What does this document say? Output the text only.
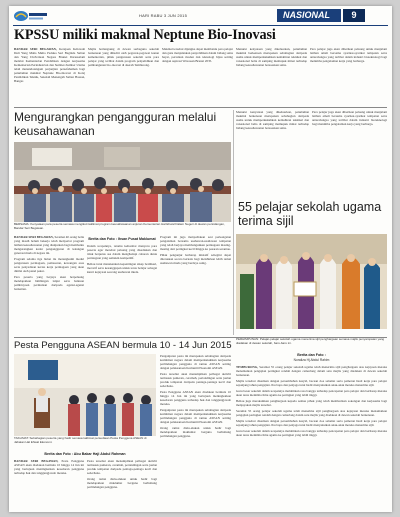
HARI RABU 3 JUN 2015	NASIONAL	9
KPSSU miliki makmal Neptune Bio-Inovasi

BANDAR SERI BEGAWAN, Kerajaan Kebawah Duli Yang Maha Mulia Paduka Seri Baginda Sultan dan Yang Di-Pertuan Negara Brunei Darussalam melalui Kementerian Pendidikan dengan kerjasama Kementerian Perindustrian dan Sumber-Sumber Utama telah menandatangani perjanjian persefahaman bagi penubuhan makmal Neptune Bio-Inovasi di Kolej Pendidikan Teknik, Sekolah Menengah Sultan Hassan, Bangar.

Majlis berlangsung di dewan serbaguna sekolah berkenaan yang dihadiri oleh pegawai-pegawai kanan kementerian, pihak pengurusan sekolah serta para pelajar yang terlibat dalam program penyelidikan dan pembangunan bio-inovasi di daerah Temburong.

Makmal tersebut dijangka dapat membantu para pelajar dan guru menjalankan penyelidikan dalam bidang sains hayat, pertanian moden dan teknologi hijau seiring dengan aspirasi Wawasan Brunei 2035.

Menurut kenyataan yang dikeluarkan, penubuhan makmal berkenaan merupakan sebahagian daripada usaha untuk memperkukuhkan kemahiran teknikal dan vokasional belia di samping memupuk minat terhadap bidang keusahawanan berasaskan sains.

Para pelajar juga akan diberikan peluang untuk menjalani latihan amali bersama syarikat-syarikat tempatan serta antarabangsa yang terlibat dalam industri bioteknologi bagi menimba pengalaman kerja yang berharga.

Mengurangkan pengangguran melalui keusahawanan
BERSAMA: Kenyataan para peserta semasa mengikuti taklimat program keusahawanan anjuran Kementerian Hal Ehwal Dalam Negeri di dewan persidangan, Bandar Seri Begawan.

BANDAR SERI BEGAWAN, Seramai 40 orang belia yang masih belum bekerja telah menyertai program latihan keusahawanan yang dianjurkan bagi membantu mengurangkan kadar pengangguran di kalangan generasi muda di negara ini.

Program selama tiga bulan itu merangkumi modul pengurusan perniagaan, pemasaran, kewangan asas serta penyediaan kertas kerja perniagaan yang akan dinilai oleh panel pakar.

Para peserta yang berjaya akan berpeluang mendapatkan bimbingan lanjut serta bantuan pembiayaan permulaan daripada agensi-agensi berkaitan.

Berita dan Foto : Ihsan Pusat Maklumat

Dalam ucapannya, tetamu kehormat menyeru para peserta agar merebut peluang yang disediakan dan tidak berputus asa dalam menghadapi cabaran dunia perniagaan yang semakin kompetitif.

Beliau turut menekankan kepentingan sikap berdikari, inovatif serta kesanggupan untuk terus belajar sebagai kunci kejayaan seorang usahawan muda.

Program ini juga menyediakan sesi perkongsian pengalaman bersama usahawan-usahawan tempatan yang telah berjaya membangunkan perniagaan masing-masing dari peringkat kecil hingga ke pasaran serantau.

Pihak penganjur berharap inisiatif sebegini dapat diteruskan secara berkala bagi melahirkan lebih ramai usahawan muda yang berdaya saing.

Menurut kenyataan yang dikeluarkan, penubuhan makmal berkenaan merupakan sebahagian daripada usaha untuk memperkukuhkan kemahiran teknikal dan vokasional belia di samping memupuk minat terhadap bidang keusahawanan berasaskan sains.

Para pelajar juga akan diberikan peluang untuk menjalani latihan amali bersama syarikat-syarikat tempatan serta antarabangsa yang terlibat dalam industri bioteknologi bagi menimba pengalaman kerja yang berharga.

55 pelajar sekolah ugama terima sijil
PERHIMPUNAN: Pelajar-pelajar sekolah ugama menerima sijil penghargaan semasa majlis penyampaian yang diadakan di dewan sekolah, baru-baru ini.
Berita dan Foto :
Noraliza Hj Abdul Rahim

TEMBURONG, Seramai 55 orang pelajar sekolah ugama telah menerima sijil penghargaan atas kejayaan mereka menamatkan pengajian peringkat rendah dengan cemerlang dalam satu majlis yang diadakan di dewan sekolah berkenaan.

Majlis tersebut diserikan dengan persembahan nasyid, bacaan doa selamat serta pameran hasil kerja para pelajar sepanjang tahun pengajian. Ibu bapa dan penjaga turut hadir menyaksikan anak-anak mereka menerima sijil.

Guru besar sekolah dalam ucapannya melahirkan rasa bangga terhadap pencapaian para pelajar dan berharap mereka akan terus menimba ilmu agama ke peringkat yang lebih tinggi.

Beliau juga merakamkan penghargaan kepada semua pihak yang telah memberikan sokongan dan kerjasama bagi menjayakan majlis tersebut.

Seramai 55 orang pelajar sekolah ugama telah menerima sijil penghargaan atas kejayaan mereka menamatkan pengajian peringkat rendah dengan cemerlang dalam satu majlis yang diadakan di dewan sekolah berkenaan.

Majlis tersebut diserikan dengan persembahan nasyid, bacaan doa selamat serta pameran hasil kerja para pelajar sepanjang tahun pengajian. Ibu bapa dan penjaga turut hadir menyaksikan anak-anak mereka menerima sijil.

Guru besar sekolah dalam ucapannya melahirkan rasa bangga terhadap pencapaian para pelajar dan berharap mereka akan terus menimba ilmu agama ke peringkat yang lebih tinggi.

Pesta Pengguna ASEAN bermula 10 - 14 Jun 2015
TAKLIMAT: Sebahagian peserta yang hadir semasa taklimat persediaan Pesta Pengguna ASEAN di Jabatan Hal Ehwal Ekonomi.
Berita dan Foto : Abu Bakar Haji Abdul Rahman

BANDAR SERI BEGAWAN, Pesta Pengguna ASEAN akan diadakan bermula 10 hingga 14 Jun ini yang bertujuan meningkatkan kesedaran pengguna terhadap hak dan tanggungjawab mereka.

Pesta tersebut akan menampilkan pelbagai aktiviti termasuk pameran, ceramah, pertandingan serta jualan produk tempatan daripada peniaga-peniaga kecil dan sederhana.

Orang ramai dialu-alukan untuk hadir bagi mendapatkan maklumat berguna berhubung perlindungan pengguna.

Penganjuran pesta ini merupakan sebahagian daripada komitmen negara dalam memperkukuhkan kerjasama perlindungan pengguna di rantau ASEAN seiring dengan pelaksanaan Komuniti Ekonomi ASEAN.

Pesta tersebut akan menampilkan pelbagai aktiviti termasuk pameran, ceramah, pertandingan serta jualan produk tempatan daripada peniaga-peniaga kecil dan sederhana.

Pesta Pengguna ASEAN akan diadakan bermula 10 hingga 14 Jun ini yang bertujuan meningkatkan kesedaran pengguna terhadap hak dan tanggungjawab mereka.

Penganjuran pesta ini merupakan sebahagian daripada komitmen negara dalam memperkukuhkan kerjasama perlindungan pengguna di rantau ASEAN seiring dengan pelaksanaan Komuniti Ekonomi ASEAN.

Orang ramai dialu-alukan untuk hadir bagi mendapatkan maklumat berguna berhubung perlindungan pengguna.
